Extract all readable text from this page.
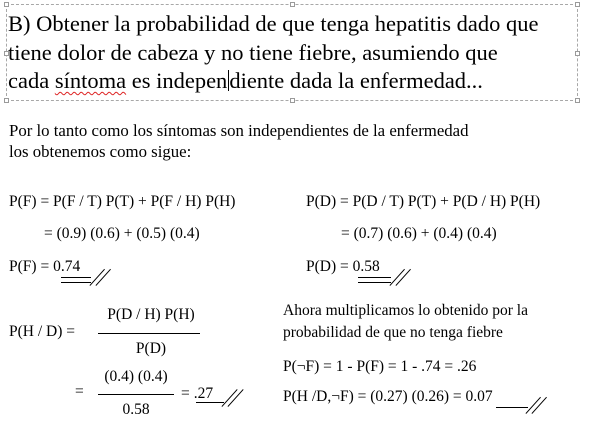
B) Obtener la probabilidad de que tenga hepatitis dado que
tiene dolor de cabeza y no tiene fiebre, asumiendo que
cada síntoma es independiente dada la enfermedad...
Por lo tanto como los síntomas son independientes de la enfermedad
los obtenemos como sigue:
P(F) = P(F / T) P(T) + P(F / H) P(H)
= (0.9) (0.6) + (0.5) (0.4)
P(F) = 0.74
P(D) = P(D / T) P(T) + P(D / H) P(H)
= (0.7) (0.6) + (0.4) (0.4)
P(D) = 0.58
P(H / D) =
P(D / H) P(H)
P(D)
=
(0.4) (0.4)
0.58
= .27
Ahora multiplicamos lo obtenido por la
probabilidad de que no tenga fiebre
P(¬F) = 1 - P(F) = 1 - .74 = .26
P(H /D,¬F) = (0.27) (0.26) = 0.07
